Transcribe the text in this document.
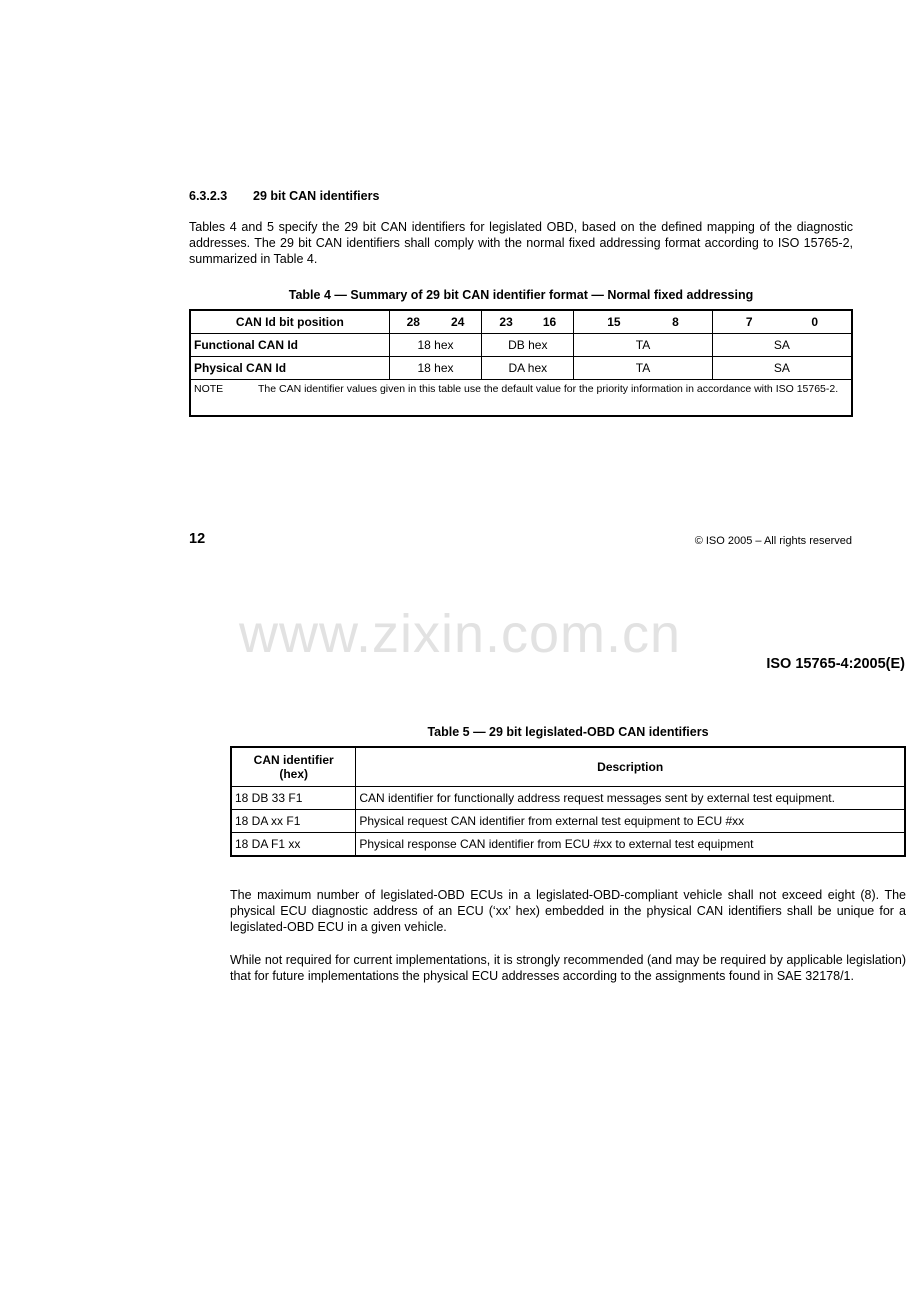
6.3.2.3 29 bit CAN identifiers
Tables 4 and 5 specify the 29 bit CAN identifiers for legislated OBD, based on the defined mapping of the diagnostic addresses. The 29 bit CAN identifiers shall comply with the normal fixed addressing format according to ISO 15765-2, summarized in Table 4.
Table 4 — Summary of 29 bit CAN identifier format — Normal fixed addressing
CAN Id bit position	28 24	23 16	15 8	7 0

Functional CAN Id	18 hex	DB hex	TA	SA
Physical CAN Id	18 hex	DA hex	TA	SA
NOTE The CAN identifier values given in this table use the default value for the priority information in accordance with ISO 15765-2.				
12	© ISO 2005 – All rights reserved
www.zixin.com.cn	ISO 15765-4:2005(E)
Table 5 — 29 bit legislated-OBD CAN identifiers
CAN identifier (hex)	Description
18 DB 33 F1	CAN identifier for functionally address request messages sent by external test equipment.
18 DA xx F1	Physical request CAN identifier from external test equipment to ECU #xx
18 DA F1 xx	Physical response CAN identifier from ECU #xx to external test equipment
The maximum number of legislated-OBD ECUs in a legislated-OBD-compliant vehicle shall not exceed eight (8). The physical ECU diagnostic address of an ECU (‘xx’ hex) embedded in the physical CAN identifiers shall be unique for a legislated-OBD ECU in a given vehicle.
While not required for current implementations, it is strongly recommended (and may be required by applicable legislation) that for future implementations the physical ECU addresses according to the assignments found in SAE 32178/1.
